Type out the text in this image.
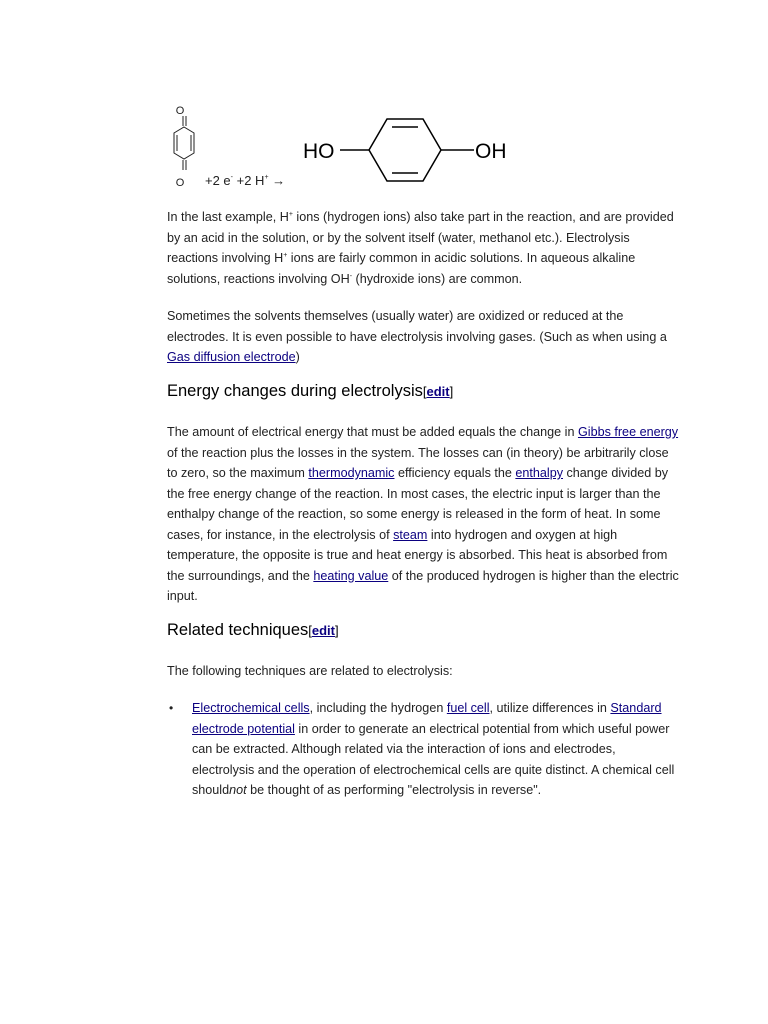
O
O +2 e- +2 H+ →
HO	OH

In the last example, H+ ions (hydrogen ions) also take part in the reaction, and are provided by an acid in the solution, or by the solvent itself (water, methanol etc.). Electrolysis reactions involving H+ ions are fairly common in acidic solutions. In aqueous alkaline solutions, reactions involving OH- (hydroxide ions) are common.

Sometimes the solvents themselves (usually water) are oxidized or reduced at the electrodes. It is even possible to have electrolysis involving gases. (Such as when using a Gas diffusion electrode)

Energy changes during electrolysis[edit]

The amount of electrical energy that must be added equals the change in Gibbs free energy of the reaction plus the losses in the system. The losses can (in theory) be arbitrarily close to zero, so the maximum thermodynamic efficiency equals the enthalpy change divided by the free energy change of the reaction. In most cases, the electric input is larger than the enthalpy change of the reaction, so some energy is released in the form of heat. In some cases, for instance, in the electrolysis of steam into hydrogen and oxygen at high temperature, the opposite is true and heat energy is absorbed. This heat is absorbed from the surroundings, and the heating value of the produced hydrogen is higher than the electric input.

Related techniques[edit]

The following techniques are related to electrolysis:

• Electrochemical cells, including the hydrogen fuel cell, utilize differences in Standard electrode potential in order to generate an electrical potential from which useful power can be extracted. Although related via the interaction of ions and electrodes, electrolysis and the operation of electrochemical cells are quite distinct. A chemical cell shouldnot be thought of as performing "electrolysis in reverse".
